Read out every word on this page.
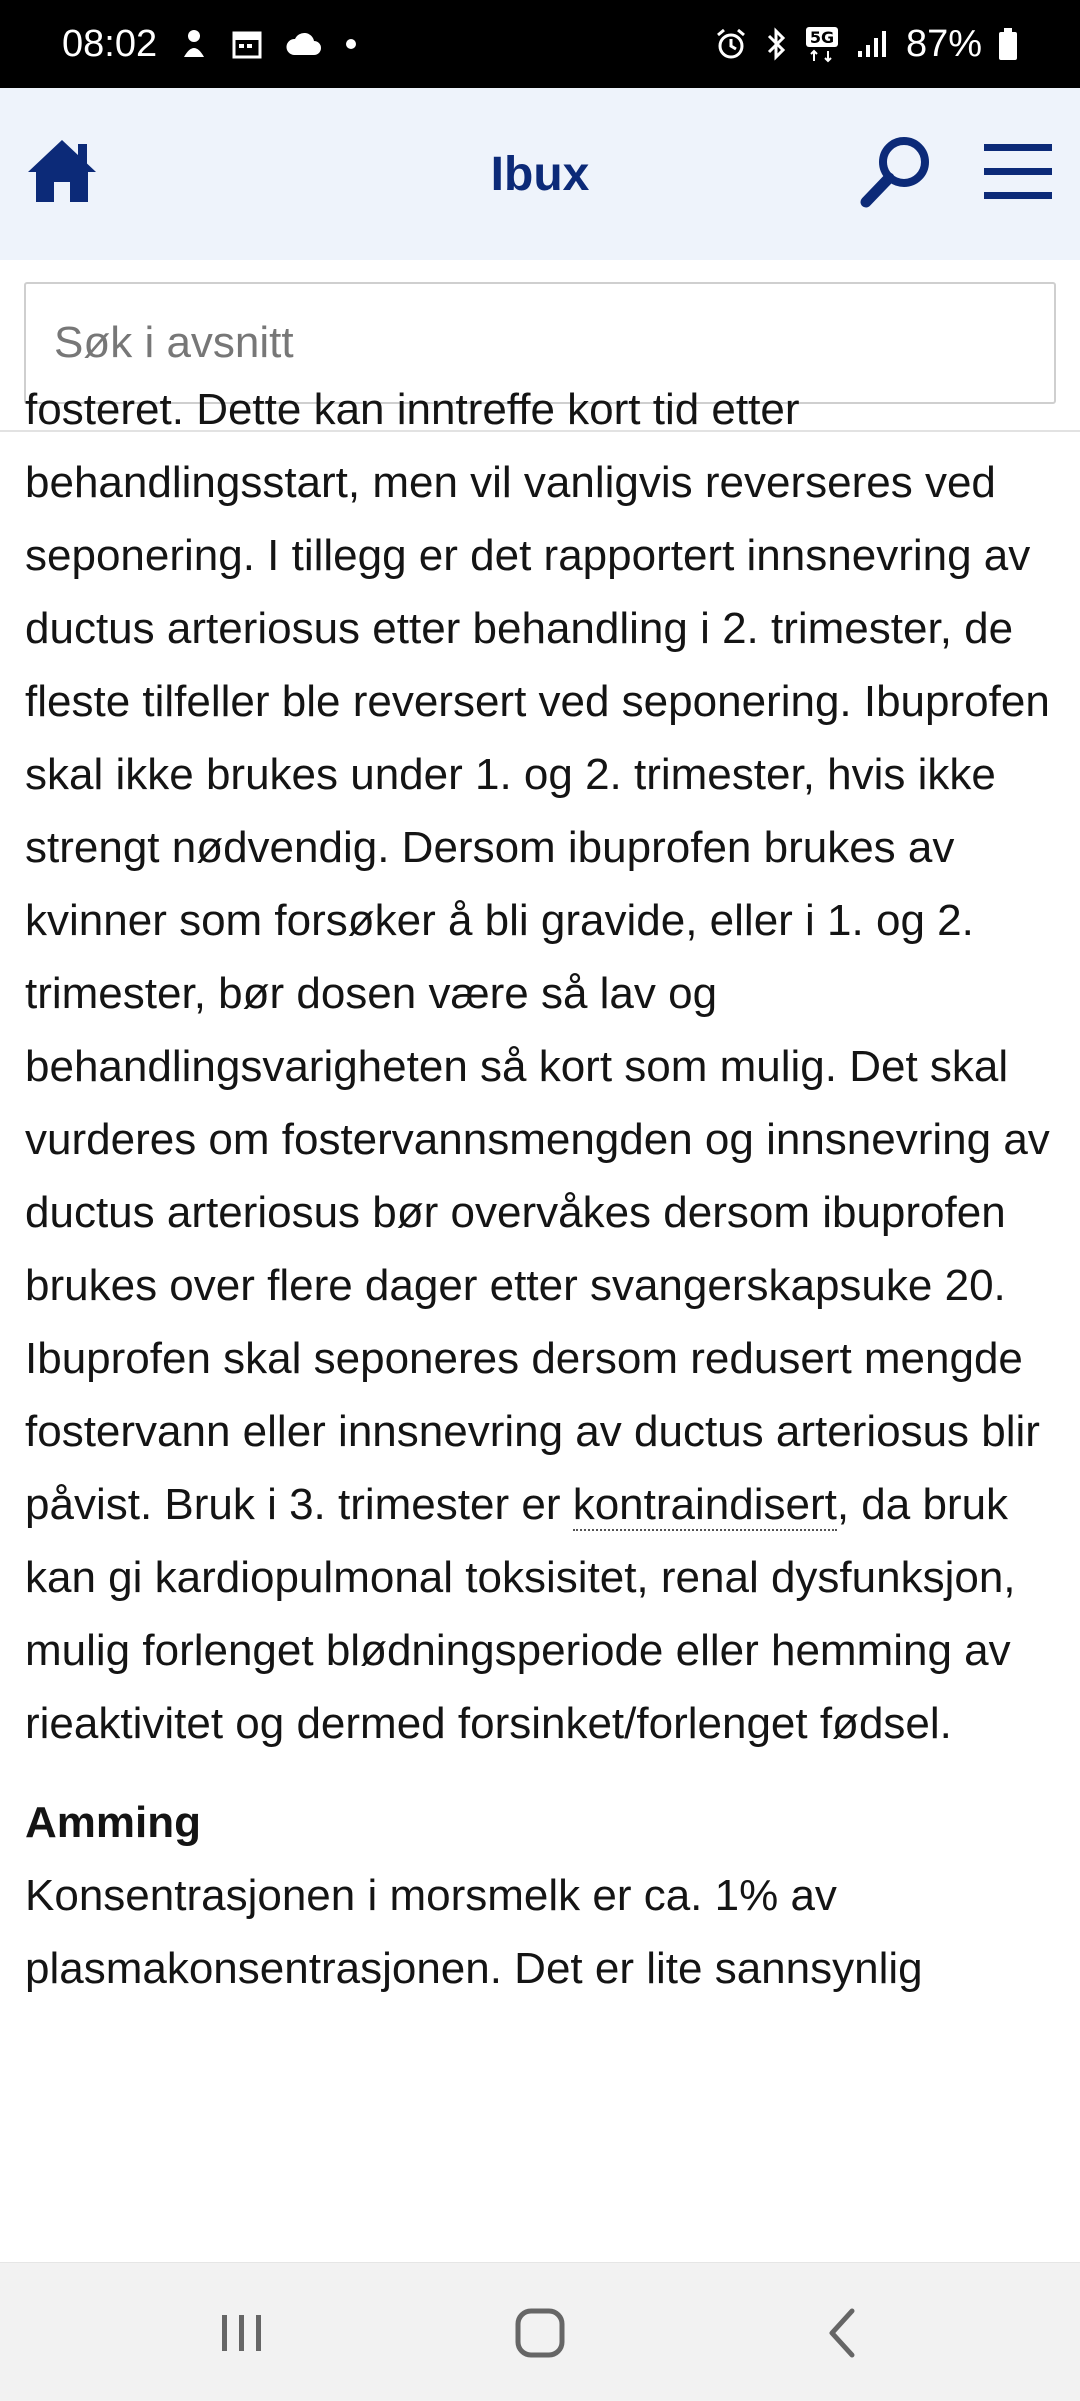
08:02	5G 87%
Ibux
Søk i avsnitt

fosteret. Dette kan inntreffe kort tid etter
behandlingsstart, men vil vanligvis reverseres ved seponering. I tillegg er det rapportert innsnevring av ductus arteriosus etter behandling i 2. trimester, de fleste tilfeller ble reversert ved seponering. Ibuprofen skal ikke brukes under 1. og 2. trimester, hvis ikke strengt nødvendig. Dersom ibuprofen brukes av kvinner som forsøker å bli gravide, eller i 1. og 2. trimester, bør dosen være så lav og behandlingsvarigheten så kort som mulig. Det skal vurderes om fostervannsmengden og innsnevring av ductus arteriosus bør overvåkes dersom ibuprofen brukes over flere dager etter svangerskapsuke 20. Ibuprofen skal seponeres dersom redusert mengde fostervann eller innsnevring av ductus arteriosus blir påvist. Bruk i 3. trimester er kontraindisert, da bruk kan gi kardiopulmonal toksisitet, renal dysfunksjon, mulig forlenget blødningsperiode eller hemming av rieaktivitet og dermed forsinket/forlenget fødsel.

Amming

Konsentrasjonen i morsmelk er ca. 1% av plasmakonsentrasjonen. Det er lite sannsynlig
